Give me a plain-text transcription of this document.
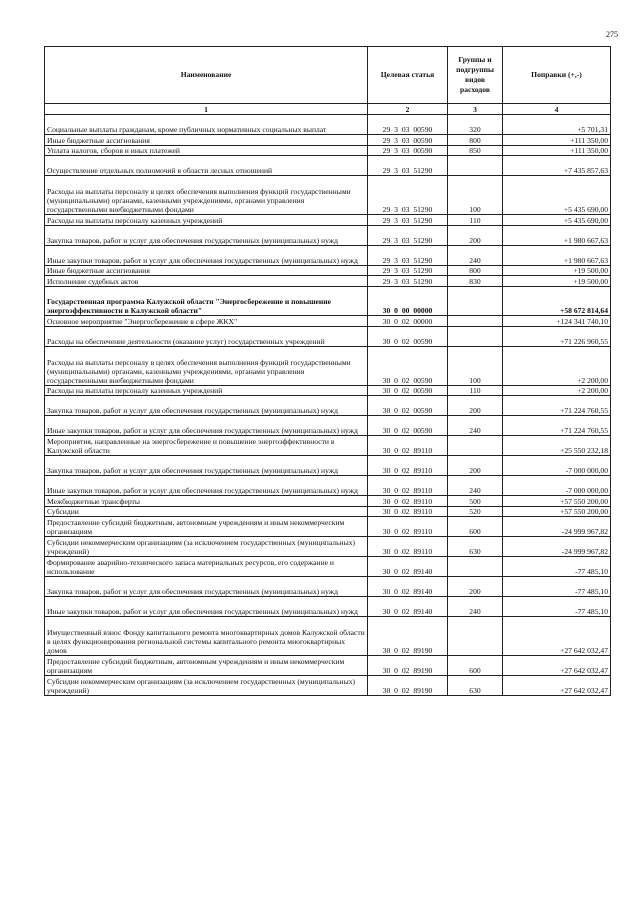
275
Наименование	Целевая статья	Группы и подгруппы видов расходов	Поправки (+,-)
1	2	3	4
Социальные выплаты гражданам, кроме публичных нормативных социальных выплат	29 3 03 00590	320	+5 701,31
Иные бюджетные ассигнования	29 3 03 00590	800	+111 350,00
Уплата налогов, сборов и иных платежей	29 3 03 00590	850	+111 350,00
Осуществление отдельных полномочий в области лесных отношений	29 3 03 51290		+7 435 857,63
Расходы на выплаты персоналу в целях обеспечения выполнения функций государственными (муниципальными) органами, казенными учреждениями, органами управления государственными внебюджетными фондами	29 3 03 51290	100	+5 435 690,00
Расходы на выплаты персоналу казенных учреждений	29 3 03 51290	110	+5 435 690,00
Закупка товаров, работ и услуг для обеспечения государственных (муниципальных) нужд	29 3 03 51290	200	+1 980 667,63
Иные закупки товаров, работ и услуг для обеспечения государственных (муниципальных) нужд	29 3 03 51290	240	+1 980 667,63
Иные бюджетные ассигнования	29 3 03 51290	800	+19 500,00
Исполнение судебных актов	29 3 03 51290	830	+19 500,00
Государственная программа Калужской области "Энергосбережение и повышение энергоэффективности в Калужской области"	30 0 00 00000		+58 672 814,64
Основное мероприятие "Энергосбережение в сфере ЖКХ"	30 0 02 00000		+124 341 740,10
Расходы на обеспечение деятельности (оказание услуг) государственных учреждений	30 0 02 00590		+71 226 960,55
Расходы на выплаты персоналу в целях обеспечения выполнения функций государственными (муниципальными) органами, казенными учреждениями, органами управления государственными внебюджетными фондами	30 0 02 00590	100	+2 200,00
Расходы на выплаты персоналу казенных учреждений	30 0 02 00590	110	+2 200,00
Закупка товаров, работ и услуг для обеспечения государственных (муниципальных) нужд	30 0 02 00590	200	+71 224 760,55
Иные закупки товаров, работ и услуг для обеспечения государственных (муниципальных) нужд	30 0 02 00590	240	+71 224 760,55
Мероприятия, направленные на энергосбережение и повышение энергоэффективности в Калужской области	30 0 02 89110		+25 550 232,18
Закупка товаров, работ и услуг для обеспечения государственных (муниципальных) нужд	30 0 02 89110	200	-7 000 000,00
Иные закупки товаров, работ и услуг для обеспечения государственных (муниципальных) нужд	30 0 02 89110	240	-7 000 000,00
Межбюджетные трансферты	30 0 02 89110	500	+57 550 200,00
Субсидии	30 0 02 89110	520	+57 550 200,00
Предоставление субсидий бюджетным, автономным учреждениям и иным некоммерческим организациям	30 0 02 89110	600	-24 999 967,82
Субсидии некоммерческим организациям (за исключением государственных (муниципальных) учреждений)	30 0 02 89110	630	-24 999 967,82
Формирование аварийно-технического запаса материальных ресурсов, его содержание и использование	30 0 02 89140		-77 485,10
Закупка товаров, работ и услуг для обеспечения государственных (муниципальных) нужд	30 0 02 89140	200	-77 485,10
Иные закупки товаров, работ и услуг для обеспечения государственных (муниципальных) нужд	30 0 02 89140	240	-77 485,10
Имущественный взнос Фонду капитального ремонта многоквартирных домов Калужской области в целях функционирования региональной системы капитального ремонта многоквартирных домов	30 0 02 89190		+27 642 032,47
Предоставление субсидий бюджетным, автономным учреждениям и иным некоммерческим организациям	30 0 02 89190	600	+27 642 032,47
Субсидии некоммерческим организациям (за исключением государственных (муниципальных) учреждений)	30 0 02 89190	630	+27 642 032,47
